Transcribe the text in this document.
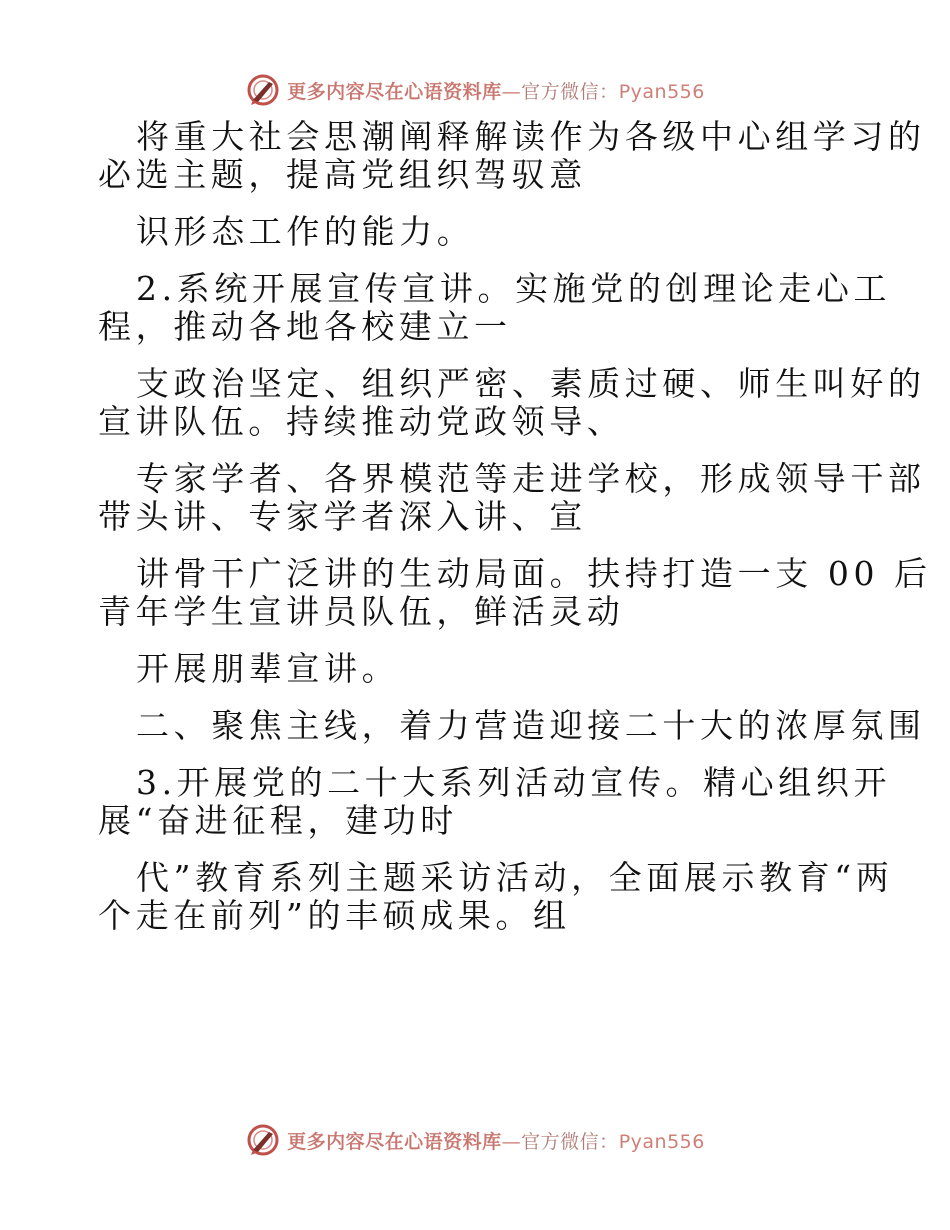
更多内容尽在心语资料库—官方微信：Pyan556
将重大社会思潮阐释解读作为各级中心组学习的
必选主题，提高党组织驾驭意
识形态工作的能力。
2.系统开展宣传宣讲。实施党的创理论走心工
程，推动各地各校建立一
支政治坚定、组织严密、素质过硬、师生叫好的
宣讲队伍。持续推动党政领导、
专家学者、各界模范等走进学校，形成领导干部
带头讲、专家学者深入讲、宣
讲骨干广泛讲的生动局面。扶持打造一支 00 后
青年学生宣讲员队伍，鲜活灵动
开展朋辈宣讲。
二、聚焦主线，着力营造迎接二十大的浓厚氛围
3.开展党的二十大系列活动宣传。精心组织开
展“奋进征程，建功时
代”教育系列主题采访活动，全面展示教育“两
个走在前列”的丰硕成果。组
更多内容尽在心语资料库—官方微信：Pyan556
